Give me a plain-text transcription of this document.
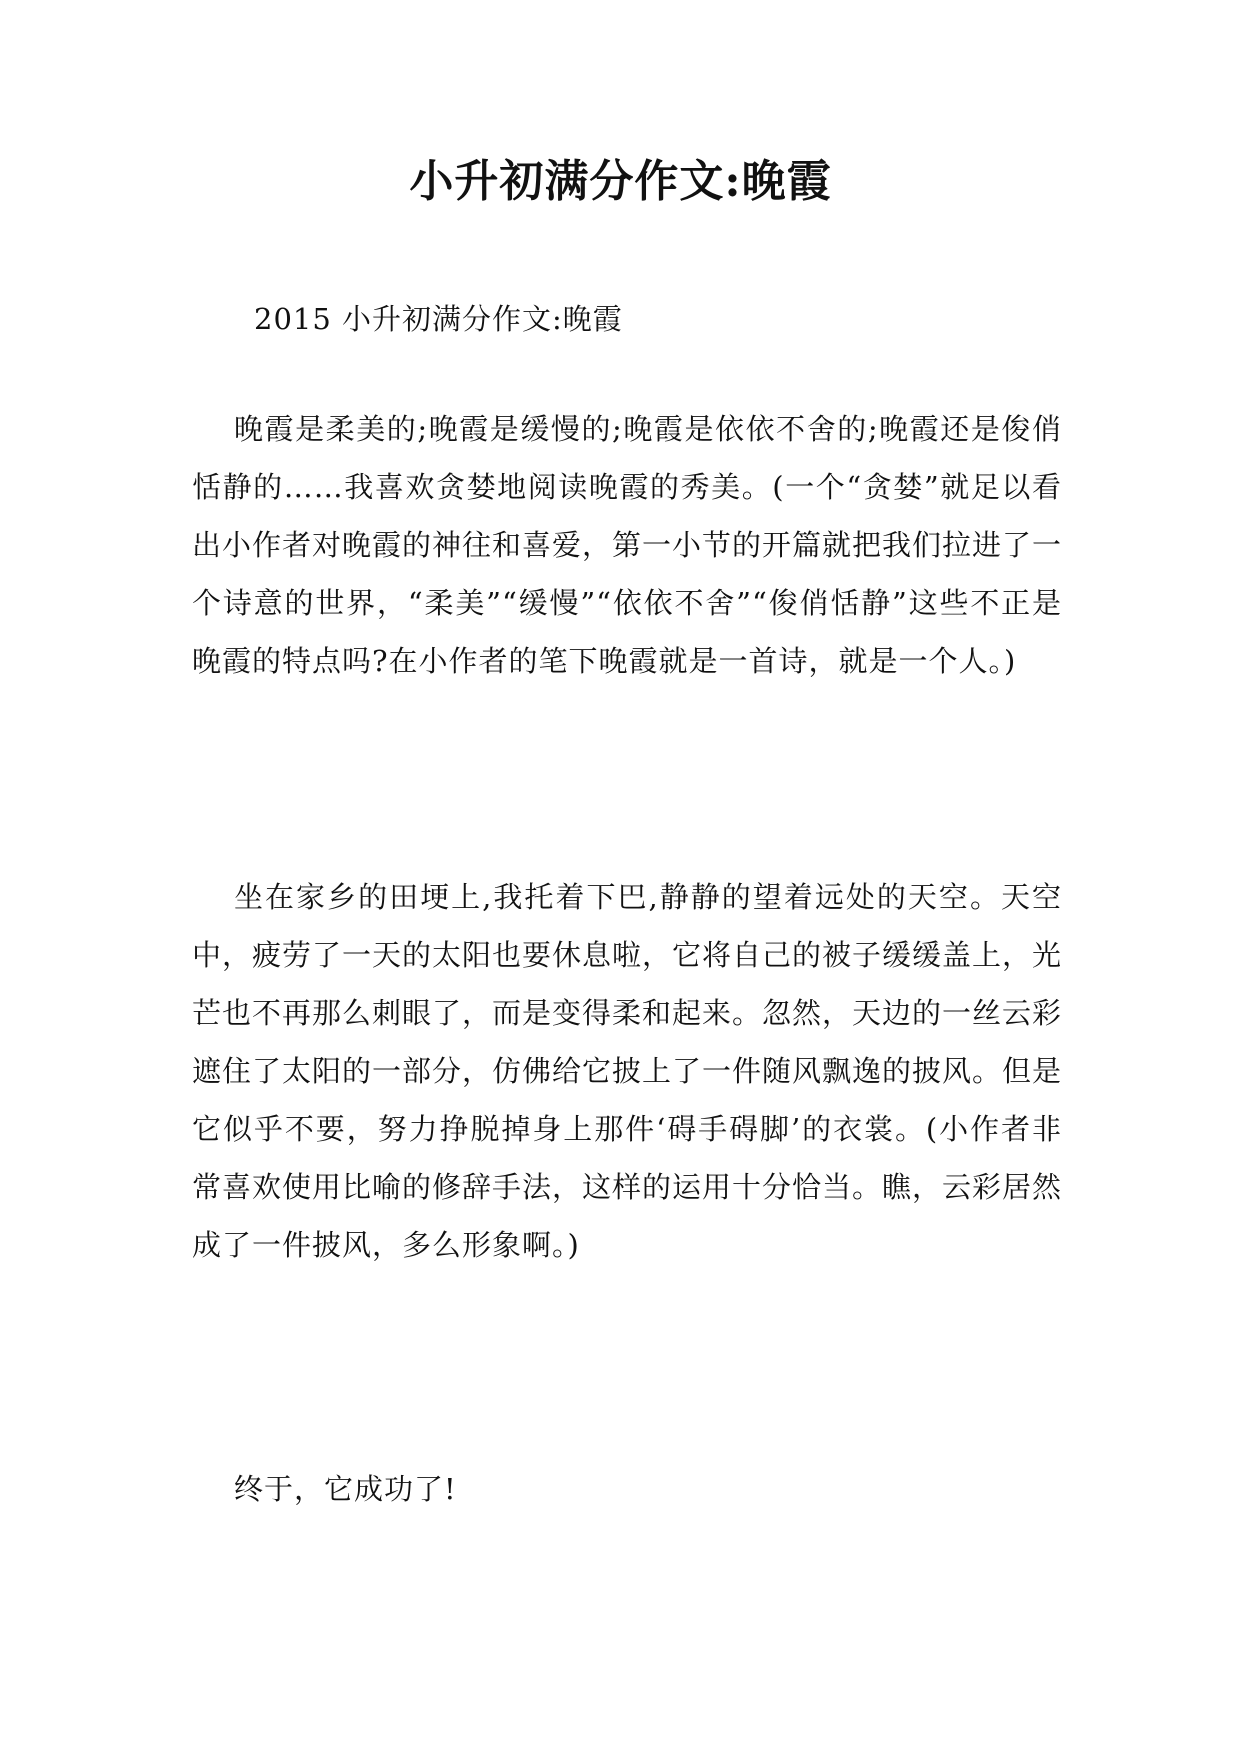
小升初满分作文:晚霞

2015 小升初满分作文:晚霞

晚霞是柔美的;晚霞是缓慢的;晚霞是依依不舍的;晚霞还是俊俏恬静的……我喜欢贪婪地阅读晚霞的秀美。(一个“贪婪”就足以看出小作者对晚霞的神往和喜爱，第一小节的开篇就把我们拉进了一个诗意的世界，“柔美”“缓慢”“依依不舍”“俊俏恬静”这些不正是晚霞的特点吗?在小作者的笔下晚霞就是一首诗，就是一个人。)

坐在家乡的田埂上,我托着下巴,静静的望着远处的天空。天空中，疲劳了一天的太阳也要休息啦，它将自己的被子缓缓盖上，光芒也不再那么刺眼了，而是变得柔和起来。忽然，天边的一丝云彩遮住了太阳的一部分，仿佛给它披上了一件随风飘逸的披风。但是它似乎不要，努力挣脱掉身上那件‘碍手碍脚’的衣裳。(小作者非常喜欢使用比喻的修辞手法，这样的运用十分恰当。瞧，云彩居然成了一件披风，多么形象啊。)

终于，它成功了!
